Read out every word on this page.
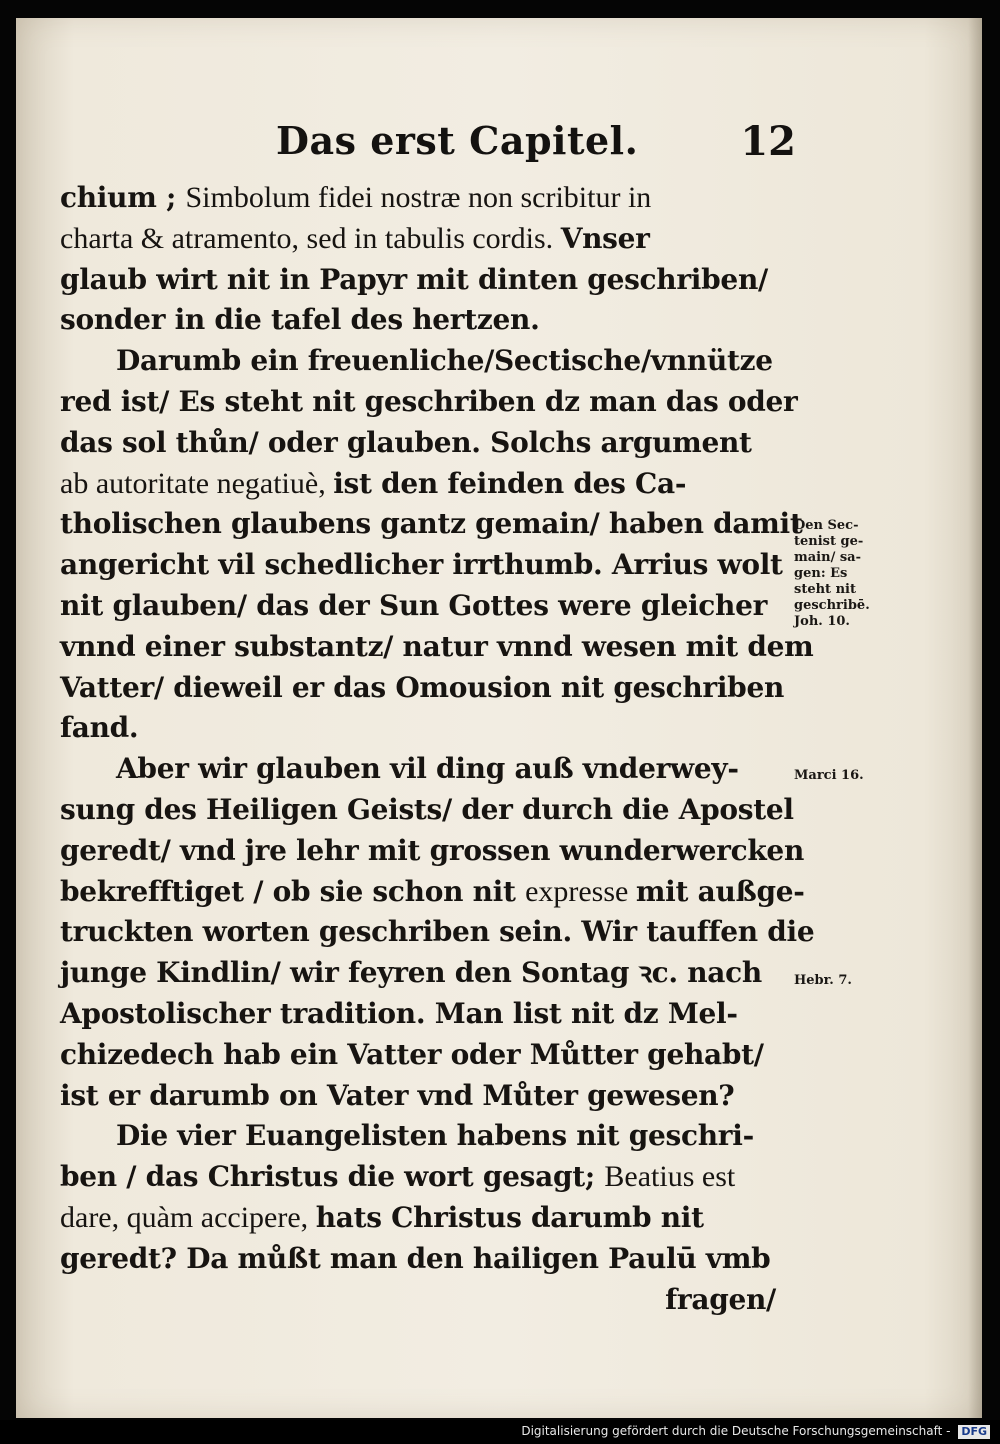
Das erst Capitel.	12
chium ; Simbolum fidei nostræ non scribitur in
charta & atramento, sed in tabulis cordis. Vnser
glaub wirt nit in Papyr mit dinten geschriben/
sonder in die tafel des hertzen.
Darumb ein freuenliche/Sectische/vnnütze
red ist/ Es steht nit geschriben dz man das oder
das sol thůn/ oder glauben. Solchs argument
ab autoritate negatiuè, ist den feinden des Ca-
tholischen glaubens gantz gemain/ haben damit
angericht vil schedlicher irrthumb. Arrius wolt
nit glauben/ das der Sun Gottes were gleicher
vnnd einer substantz/ natur vnnd wesen mit dem
Vatter/ dieweil er das Omousion nit geschriben
fand.
Aber wir glauben vil ding auß vnderwey-
sung des Heiligen Geists/ der durch die Apostel
geredt/ vnd jre lehr mit grossen wunderwercken
bekrefftiget / ob sie schon nit expresse mit außge-
truckten worten geschriben sein. Wir tauffen die
junge Kindlin/ wir feyren den Sontag ꝛc. nach
Apostolischer tradition. Man list nit dz Mel-
chizedech hab ein Vatter oder Můtter gehabt/
ist er darumb on Vater vnd Můter gewesen?
Die vier Euangelisten habens nit geschri-
ben / das Christus die wort gesagt; Beatius est
dare, quàm accipere, hats Christus darumb nit
geredt? Da můßt man den hailigen Paulū vmb
fragen/
Den Sec-
tenist ge-
main/ sa-
gen: Es
steht nit
geschribē.
Joh. 10.
Marci 16.
Hebr. 7.
Digitalisierung gefördert durch die Deutsche Forschungsgemeinschaft - DFG
